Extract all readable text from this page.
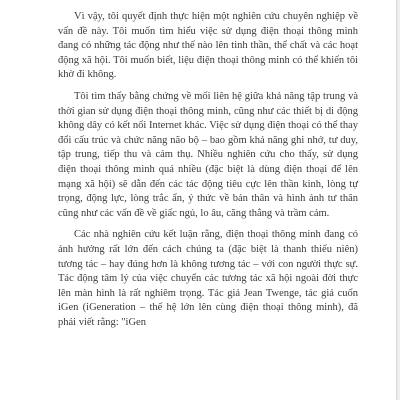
Vì vậy, tôi quyết định thực hiện một nghiên cứu chuyên nghiệp về vấn đề này. Tôi muốn tìm hiểu việc sử dụng điện thoại thông minh đang có những tác động như thế nào lên tinh thần, thể chất và các hoạt động xã hội. Tôi muốn biết, liệu điện thoại thông minh có thể khiến tôi khờ đi không.

Tôi tìm thấy bằng chứng về mối liên hệ giữa khả năng tập trung và thời gian sử dụng điện thoại thông minh, cũng như các thiết bị di động không dây có kết nối Internet khác. Việc sử dụng điện thoại có thể thay đổi cấu trúc và chức năng não bộ – bao gồm khả năng ghi nhớ, tư duy, tập trung, tiếp thu và cảm thụ. Nhiều nghiên cứu cho thấy, sử dụng điện thoại thông minh quá nhiều (đặc biệt là dùng điện thoại để lên mạng xã hội) sẽ dẫn đến các tác động tiêu cực lên thần kinh, lòng tự trọng, động lực, lòng trắc ẩn, ý thức về bản thân và hình ảnh tư thân cũng như các vấn đề về giấc ngủ, lo âu, căng thẳng và trầm cảm.

Các nhà nghiên cứu kết luận rằng, điện thoại thông minh đang có ảnh hưởng rất lớn đến cách chúng ta (đặc biệt là thanh thiếu niên) tương tác – hay đúng hơn là không tương tác – với con người thực sự. Tác động tâm lý của việc chuyển các tương tác xã hội ngoài đời thực lên màn hình là rất nghiêm trọng. Tác giả Jean Twenge, tác giả cuốn iGen (iGeneration – thế hệ lớn lên cùng điện thoại thông minh), đã phải viết rằng: "iGen
